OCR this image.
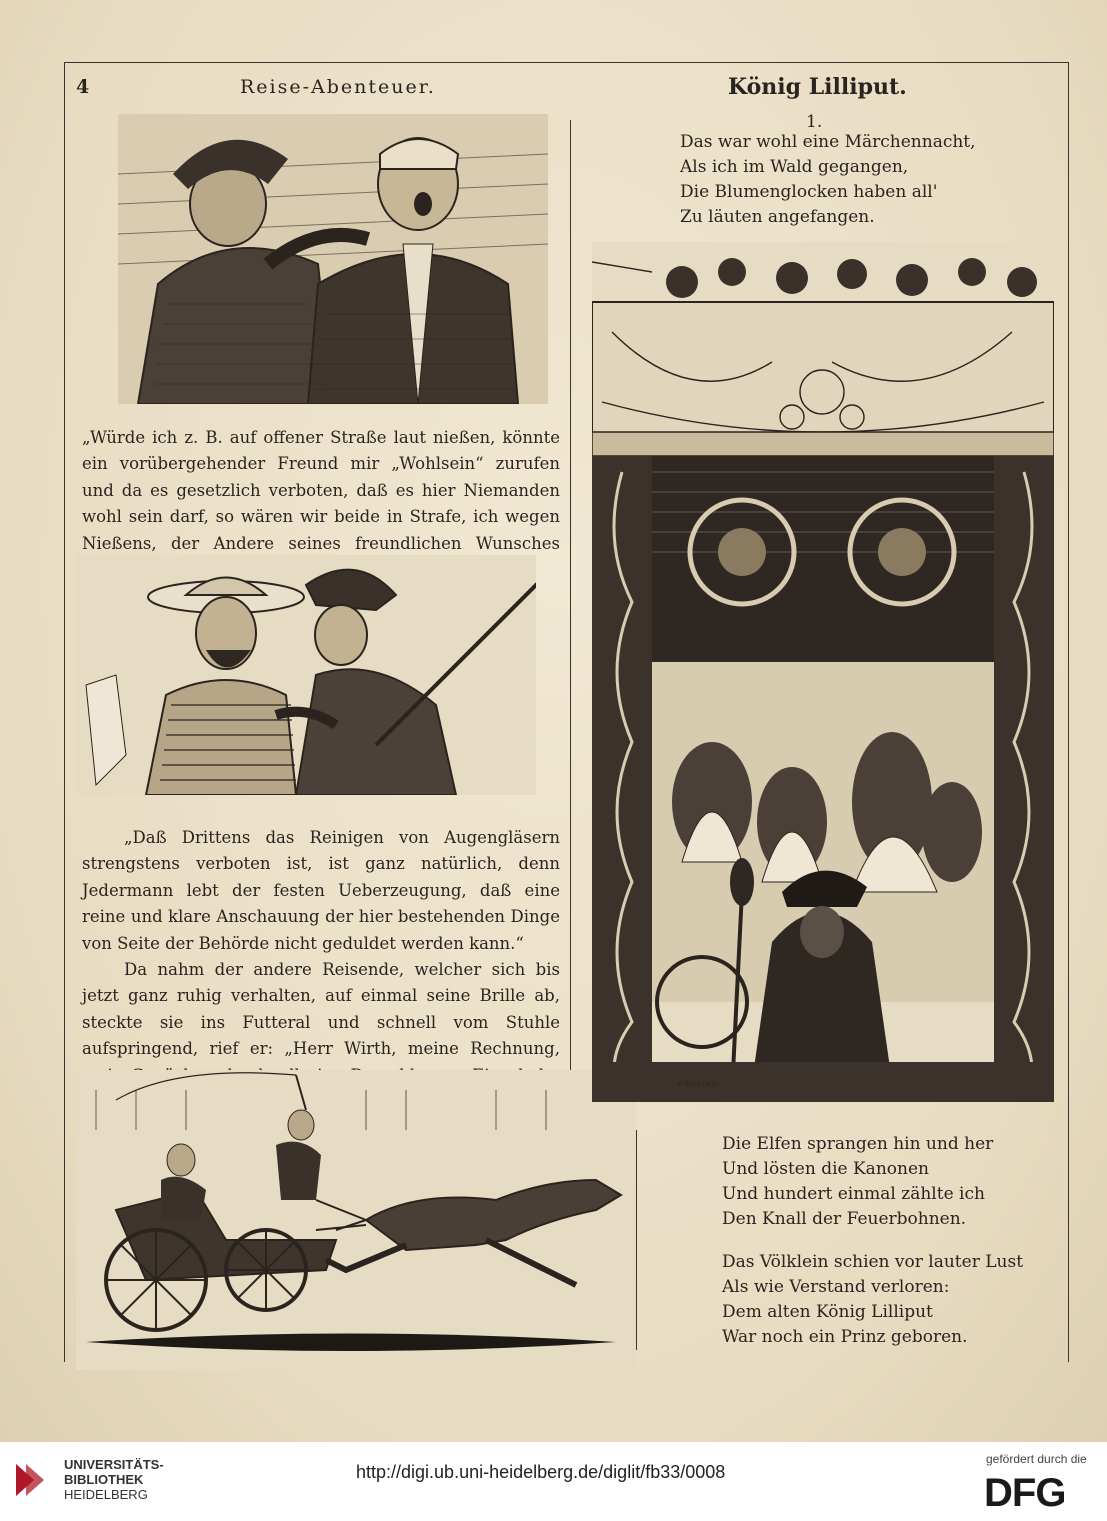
4	Reise-Abenteuer.	König Lilliput.
1.

„Würde ich z. B. auf offener Straße laut nießen, könnte ein vorübergehender Freund mir „Wohlsein“ zurufen und da es gesetzlich verboten, daß es hier Niemanden wohl sein darf, so wären wir beide in Strafe, ich wegen Nießens, der Andere seines freundlichen Wunsches

„Daß Drittens das Reinigen von Augengläsern strengstens verboten ist, ist ganz natürlich, denn Jedermann lebt der festen Ueberzeugung, daß eine reine und klare Anschauung der hier bestehenden Dinge von Seite der Behörde nicht geduldet werden kann.“

Da nahm der andere Reisende, welcher sich bis jetzt ganz ruhig verhalten, auf einmal seine Brille ab, steckte sie ins Futteral und schnell vom Stuhle aufspringend, rief er: „Herr Wirth, meine Rechnung,

Das war wohl eine Märchennacht,
Als ich im Wald gegangen,
Die Blumenglocken haben all'
Zu läuten angefangen.
KNILLING.
Die Elfen sprangen hin und her
Und lösten die Kanonen
Und hundert einmal zählte ich
Den Knall der Feuerbohnen.
Das Völklein schien vor lauter Lust
Als wie Verstand verloren:
Dem alten König Lilliput
War noch ein Prinz geboren.
UNIVERSITÄTS-
BIBLIOTHEK
HEIDELBERG
http://digi.ub.uni-heidelberg.de/diglit/fb33/0008
gefördert durch die
DFG
